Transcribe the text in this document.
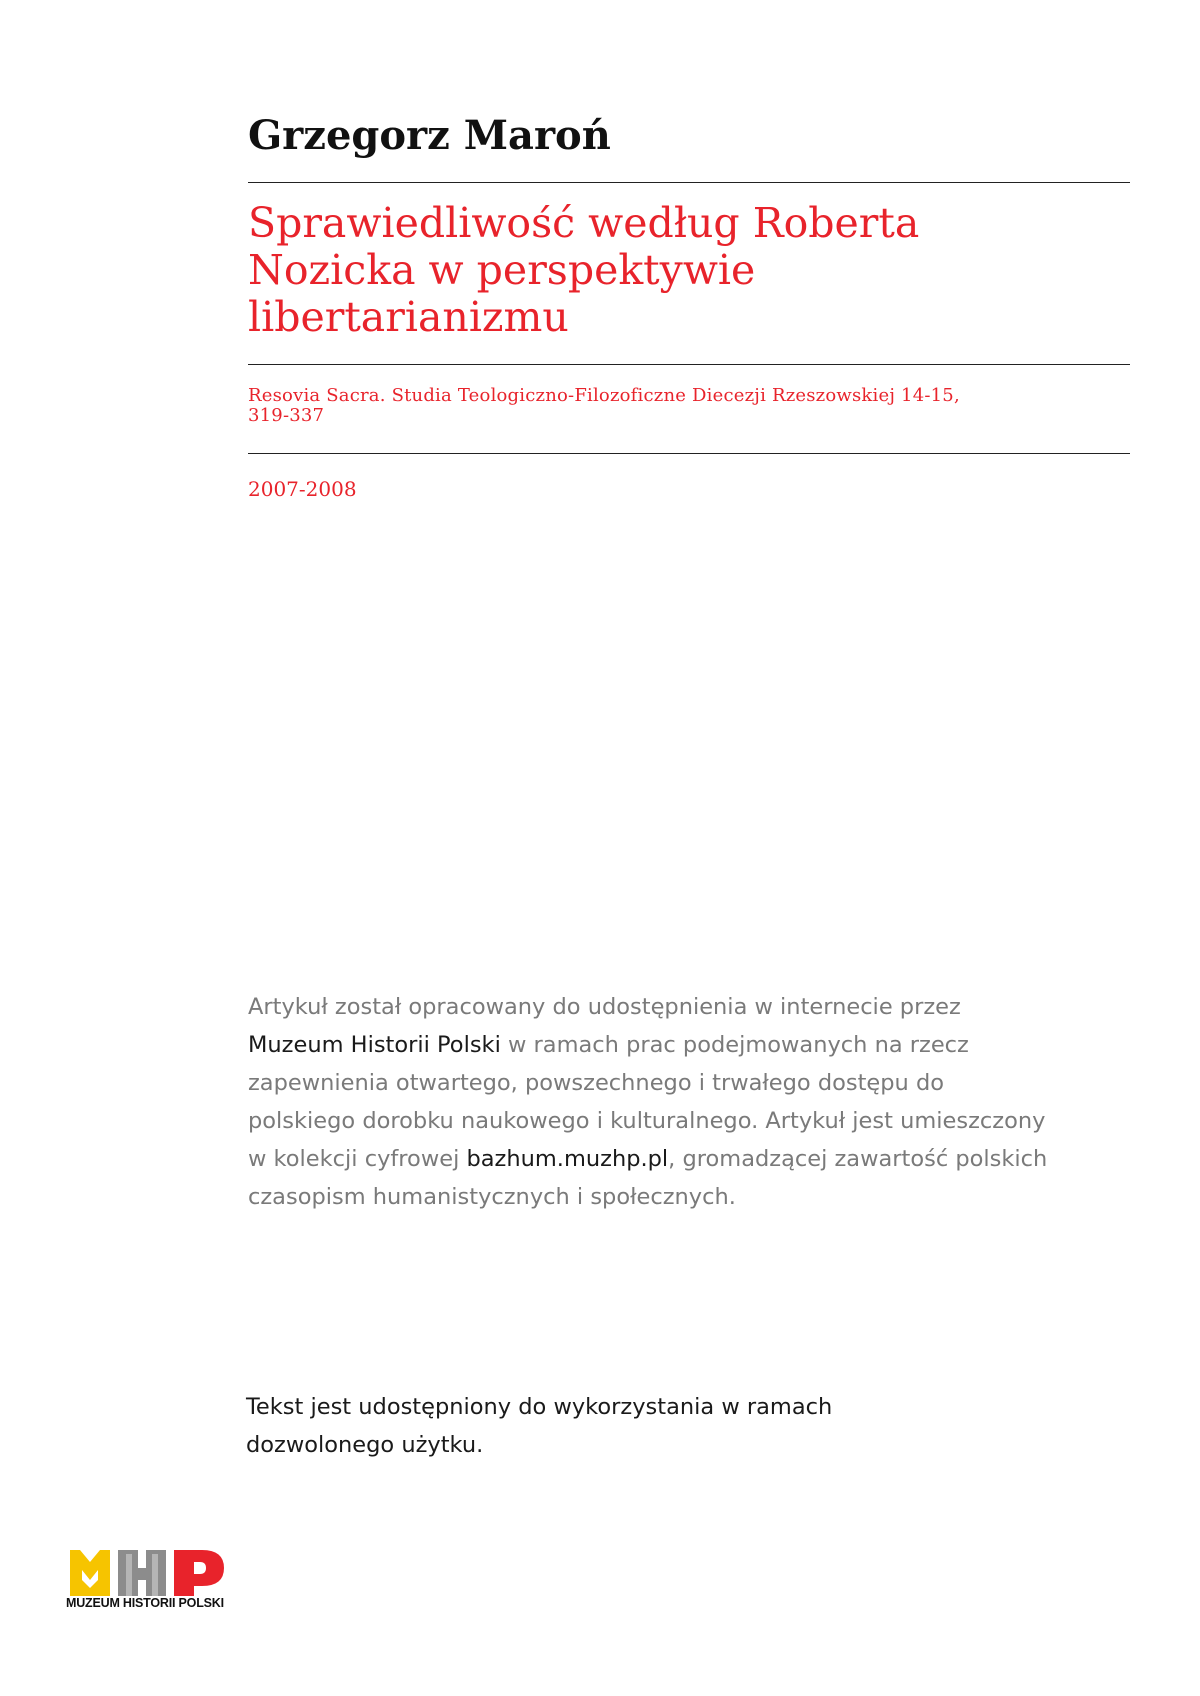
Grzegorz Maroń
Sprawiedliwość według Roberta
Nozicka w perspektywie
libertarianizmu
Resovia Sacra. Studia Teologiczno-Filozoficzne Diecezji Rzeszowskiej 14-15,
319-337
2007-2008
Artykuł został opracowany do udostępnienia w internecie przez
Muzeum Historii Polski w ramach prac podejmowanych na rzecz
zapewnienia otwartego, powszechnego i trwałego dostępu do
polskiego dorobku naukowego i kulturalnego. Artykuł jest umieszczony
w kolekcji cyfrowej bazhum.muzhp.pl, gromadzącej zawartość polskich
czasopism humanistycznych i społecznych.
Tekst jest udostępniony do wykorzystania w ramach
dozwolonego użytku.
MUZEUM HISTORII POLSKI
